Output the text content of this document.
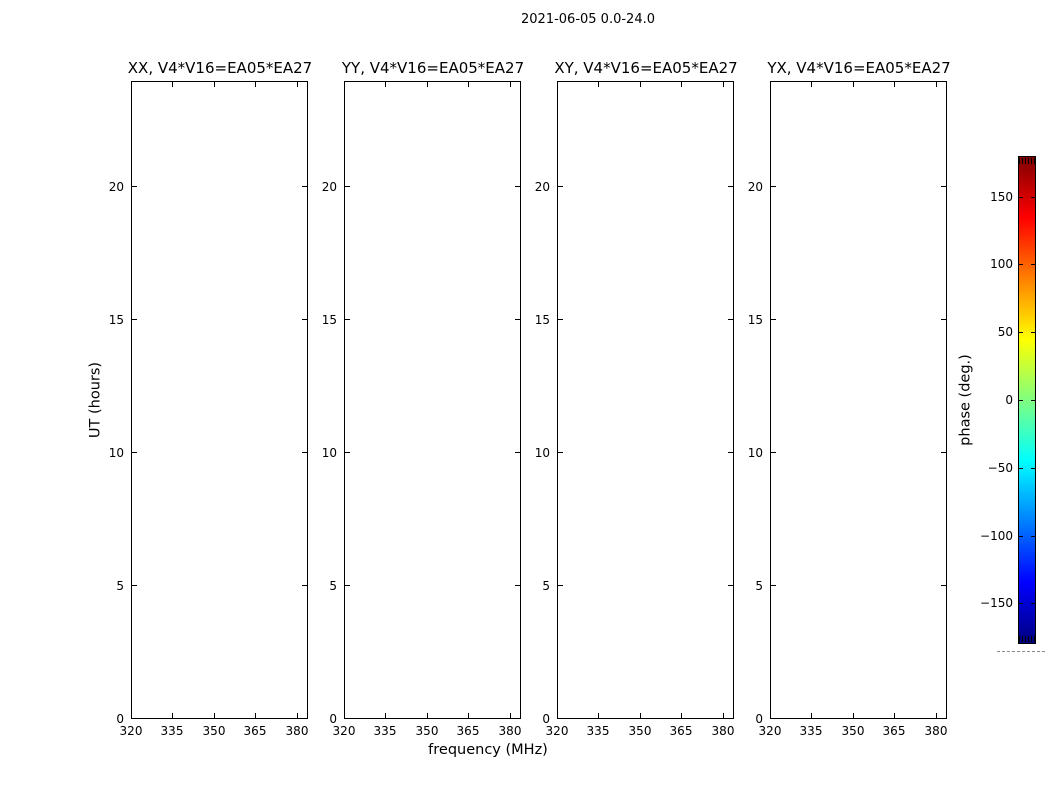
2021-06-05 0.0-24.0
frequency (MHz)
UT (hours)	phase (deg.)
XX, V4*V16=EA05*EA27
320	335	350	365	380
0
5
10
15
20
YY, V4*V16=EA05*EA27
320	335	350	365	380
0
5
10
15
20
XY, V4*V16=EA05*EA27
320	335	350	365	380
0
5
10
15
20
YX, V4*V16=EA05*EA27
320	335	350	365	380
0
5
10
15
20
150
100
50
0
−50
−100
−150
